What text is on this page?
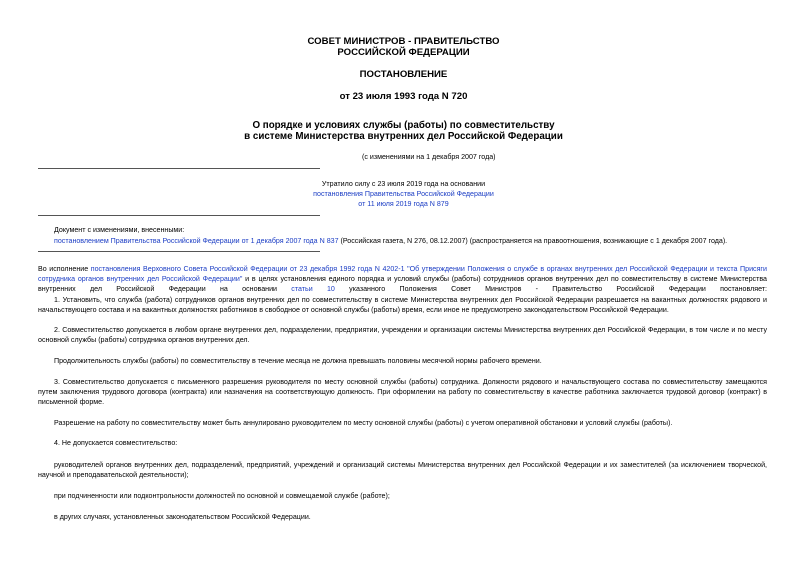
СОВЕТ МИНИСТРОВ - ПРАВИТЕЛЬСТВО
РОССИЙСКОЙ ФЕДЕРАЦИИ
ПОСТАНОВЛЕНИЕ
от 23 июля 1993 года N 720
О порядке и условиях службы (работы) по совместительству
в системе Министерства внутренних дел Российской Федерации
(с изменениями на 1 декабря 2007 года)
Утратило силу с 23 июля 2019 года на основании
постановления Правительства Российской Федерации
от 11 июля 2019 года N 879
Документ с изменениями, внесенными:
постановлением Правительства Российской Федерации от 1 декабря 2007 года N 837 (Российская газета, N 276, 08.12.2007) (распространяется на правоотношения, возникающие с 1 декабря 2007 года).
Во исполнение постановления Верховного Совета Российской Федерации от 23 декабря 1992 года N 4202-1 "Об утверждении Положения о службе в органах внутренних дел Российской Федерации и текста Присяги сотрудника органов внутренних дел Российской Федерации" и в целях установления единого порядка и условий службы (работы) сотрудников органов внутренних дел по совместительству в системе Министерства внутренних дел Российской Федерации на основании статьи 10 указанного Положения Совет Министров - Правительство Российской Федерации постановляет:
1. Установить, что служба (работа) сотрудников органов внутренних дел по совместительству в системе Министерства внутренних дел Российской Федерации разрешается на вакантных должностях рядового и начальствующего состава и на вакантных должностях работников в свободное от основной службы (работы) время, если иное не предусмотрено законодательством Российской Федерации.
2. Совместительство допускается в любом органе внутренних дел, подразделении, предприятии, учреждении и организации системы Министерства внутренних дел Российской Федерации, в том числе и по месту основной службы (работы) сотрудника органов внутренних дел.
Продолжительность службы (работы) по совместительству в течение месяца не должна превышать половины месячной нормы рабочего времени.
3. Совместительство допускается с письменного разрешения руководителя по месту основной службы (работы) сотрудника. Должности рядового и начальствующего состава по совместительству замещаются путем заключения трудового договора (контракта) или назначения на соответствующую должность. При оформлении на работу по совместительству в качестве работника заключается трудовой договор (контракт) в письменной форме.
Разрешение на работу по совместительству может быть аннулировано руководителем по месту основной службы (работы) с учетом оперативной обстановки и условий службы (работы).
4. Не допускается совместительство:
руководителей органов внутренних дел, подразделений, предприятий, учреждений и организаций системы Министерства внутренних дел Российской Федерации и их заместителей (за исключением творческой, научной и преподавательской деятельности);
при подчиненности или подконтрольности должностей по основной и совмещаемой службе (работе);
в других случаях, установленных законодательством Российской Федерации.
